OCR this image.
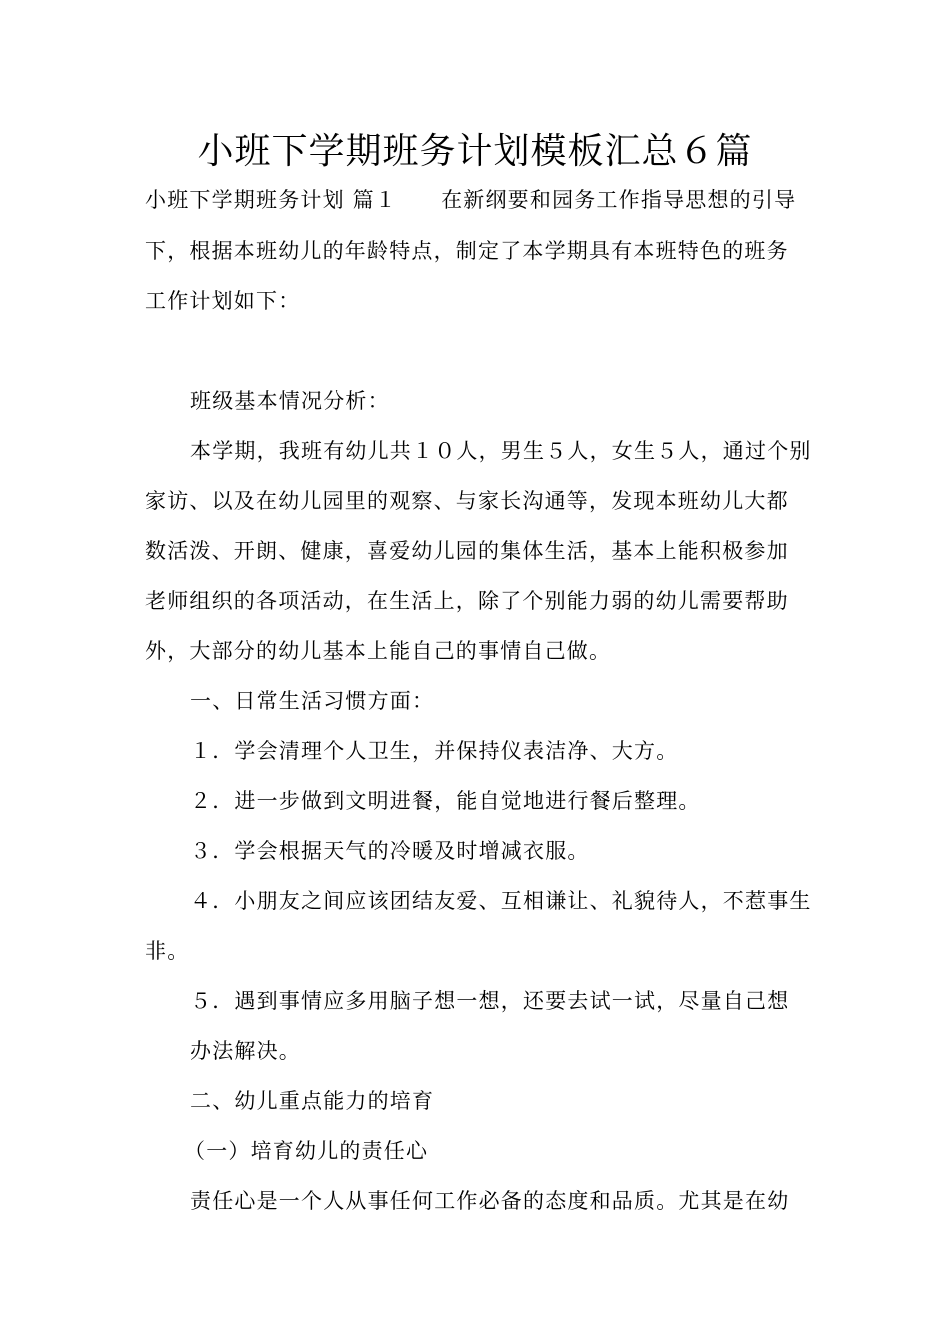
小班下学期班务计划模板汇总６篇
小班下学期班务计划 篇１ 在新纲要和园务工作指导思想的引导
下，根据本班幼儿的年龄特点，制定了本学期具有本班特色的班务
工作计划如下：
班级基本情况分析：
本学期，我班有幼儿共１０人，男生５人，女生５人，通过个别
家访、以及在幼儿园里的观察、与家长沟通等，发现本班幼儿大都
数活泼、开朗、健康，喜爱幼儿园的集体生活，基本上能积极参加
老师组织的各项活动，在生活上，除了个别能力弱的幼儿需要帮助
外，大部分的幼儿基本上能自己的事情自己做。
一、日常生活习惯方面：
１．学会清理个人卫生，并保持仪表洁净、大方。
２．进一步做到文明进餐，能自觉地进行餐后整理。
３．学会根据天气的冷暖及时增减衣服。
４．小朋友之间应该团结友爱、互相谦让、礼貌待人，不惹事生
非。
５．遇到事情应多用脑子想一想，还要去试一试，尽量自己想
办法解决。
二、幼儿重点能力的培育
（一）培育幼儿的责任心
责任心是一个人从事任何工作必备的态度和品质。尤其是在幼
